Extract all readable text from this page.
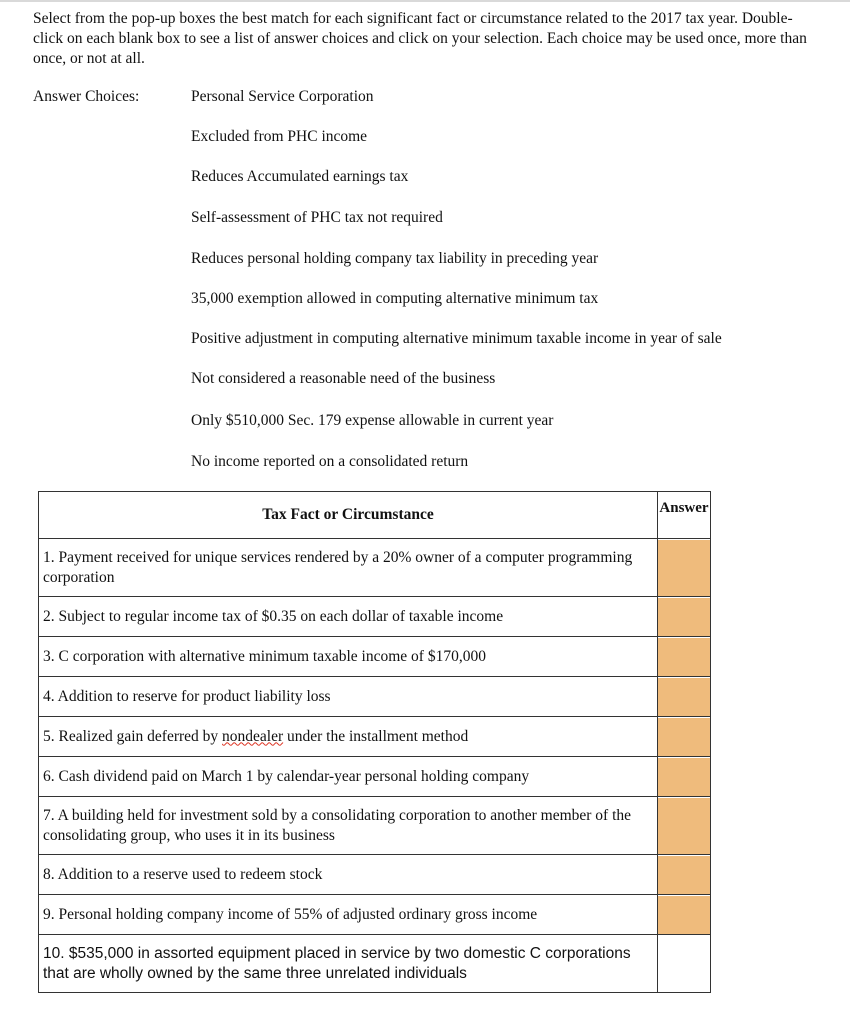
Select from the pop-up boxes the best match for each significant fact or circumstance related to the 2017 tax year. Double-click on each blank box to see a list of answer choices and click on your selection. Each choice may be used once, more than once, or not at all.
Answer Choices:	Personal Service Corporation
Excluded from PHC income
Reduces Accumulated earnings tax
Self-assessment of PHC tax not required
Reduces personal holding company tax liability in preceding year
35,000 exemption allowed in computing alternative minimum tax
Positive adjustment in computing alternative minimum taxable income in year of sale
Not considered a reasonable need of the business
Only $510,000 Sec. 179 expense allowable in current year
No income reported on a consolidated return
Tax Fact or Circumstance	Answer
1. Payment received for unique services rendered by a 20% owner of a computer programming corporation	

2. Subject to regular income tax of $0.35 on each dollar of taxable income	

3. C corporation with alternative minimum taxable income of $170,000	

4. Addition to reserve for product liability loss	

5. Realized gain deferred by nondealer under the installment method	

6. Cash dividend paid on March 1 by calendar-year personal holding company	

7. A building held for investment sold by a consolidating corporation to another member of the consolidating group, who uses it in its business	

8. Addition to a reserve used to redeem stock	

9. Personal holding company income of 55% of adjusted ordinary gross income	

10. $535,000 in assorted equipment placed in service by two domestic C corporations that are wholly owned by the same three unrelated individuals	
